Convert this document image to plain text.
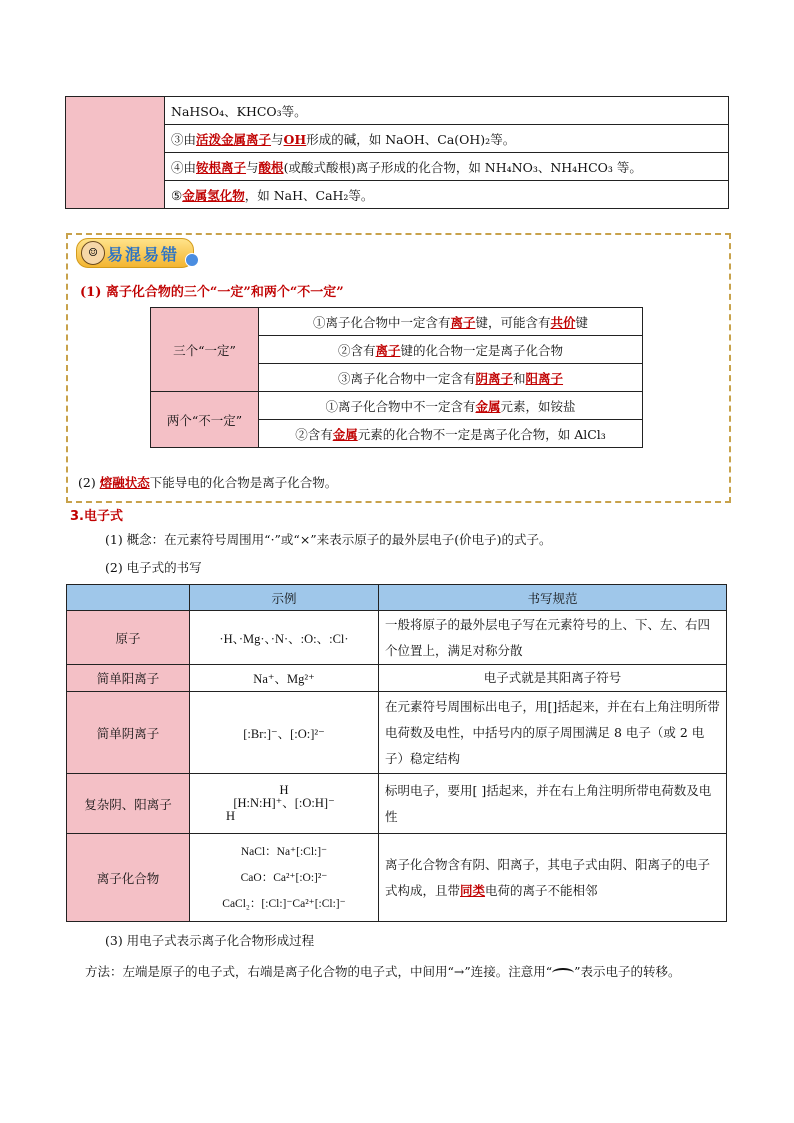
	NaHSO₄、KHCO₃等。
③由活泼金属离子与OH形成的碱，如 NaOH、Ca(OH)₂等。
④由铵根离子与酸根(或酸式酸根)离子形成的化合物，如 NH₄NO₃、NH₄HCO₃ 等。
⑤金属氢化物，如 NaH、CaH₂等。
☺ 易混易错
(1) 离子化合物的三个“一定”和两个“不一定”
三个“一定”	①离子化合物中一定含有离子键，可能含有共价键
	②含有离子键的化合物一定是离子化合物
	③离子化合物中一定含有阴离子和阳离子
两个“不一定”	①离子化合物中不一定含有金属元素，如铵盐
	②含有金属元素的化合物不一定是离子化合物，如 AlCl₃
(2) 熔融状态下能导电的化合物是离子化合物。
3.电子式
(1) 概念：在元素符号周围用“·”或“×”来表示原子的最外层电子(价电子)的式子。
(2) 电子式的书写
	示例	书写规范
原子	·H、·Mg·、·N·、:O:、:Cl·	一般将原子的最外层电子写在元素符号的上、下、左、右四个位置上，满足对称分散
简单阳离子	Na⁺、Mg²⁺	电子式就是其阳离子符号
简单阴离子	[:Br:]⁻、[:O:]²⁻	在元素符号周围标出电子，用[]括起来，并在右上角注明所带电荷数及电性，中括号内的原子周围满足 8 电子（或 2 电子）稳定结构
复杂阴、阳离子	H
[H:N:H]⁺、[:O:H]⁻
H	标明电子，要用[ ]括起来，并在右上角注明所带电荷数及电性
离子化合物	NaCl：Na⁺[:Cl:]⁻
CaO：Ca²⁺[:O:]²⁻
CaCl₂：[:Cl:]⁻Ca²⁺[:Cl:]⁻	离子化合物含有阴、阳离子，其电子式由阴、阳离子的电子式构成，且带同类电荷的离子不能相邻
(3) 用电子式表示离子化合物形成过程
方法：左端是原子的电子式，右端是离子化合物的电子式，中间用“→”连接。注意用“ ”表示电子的转移。
